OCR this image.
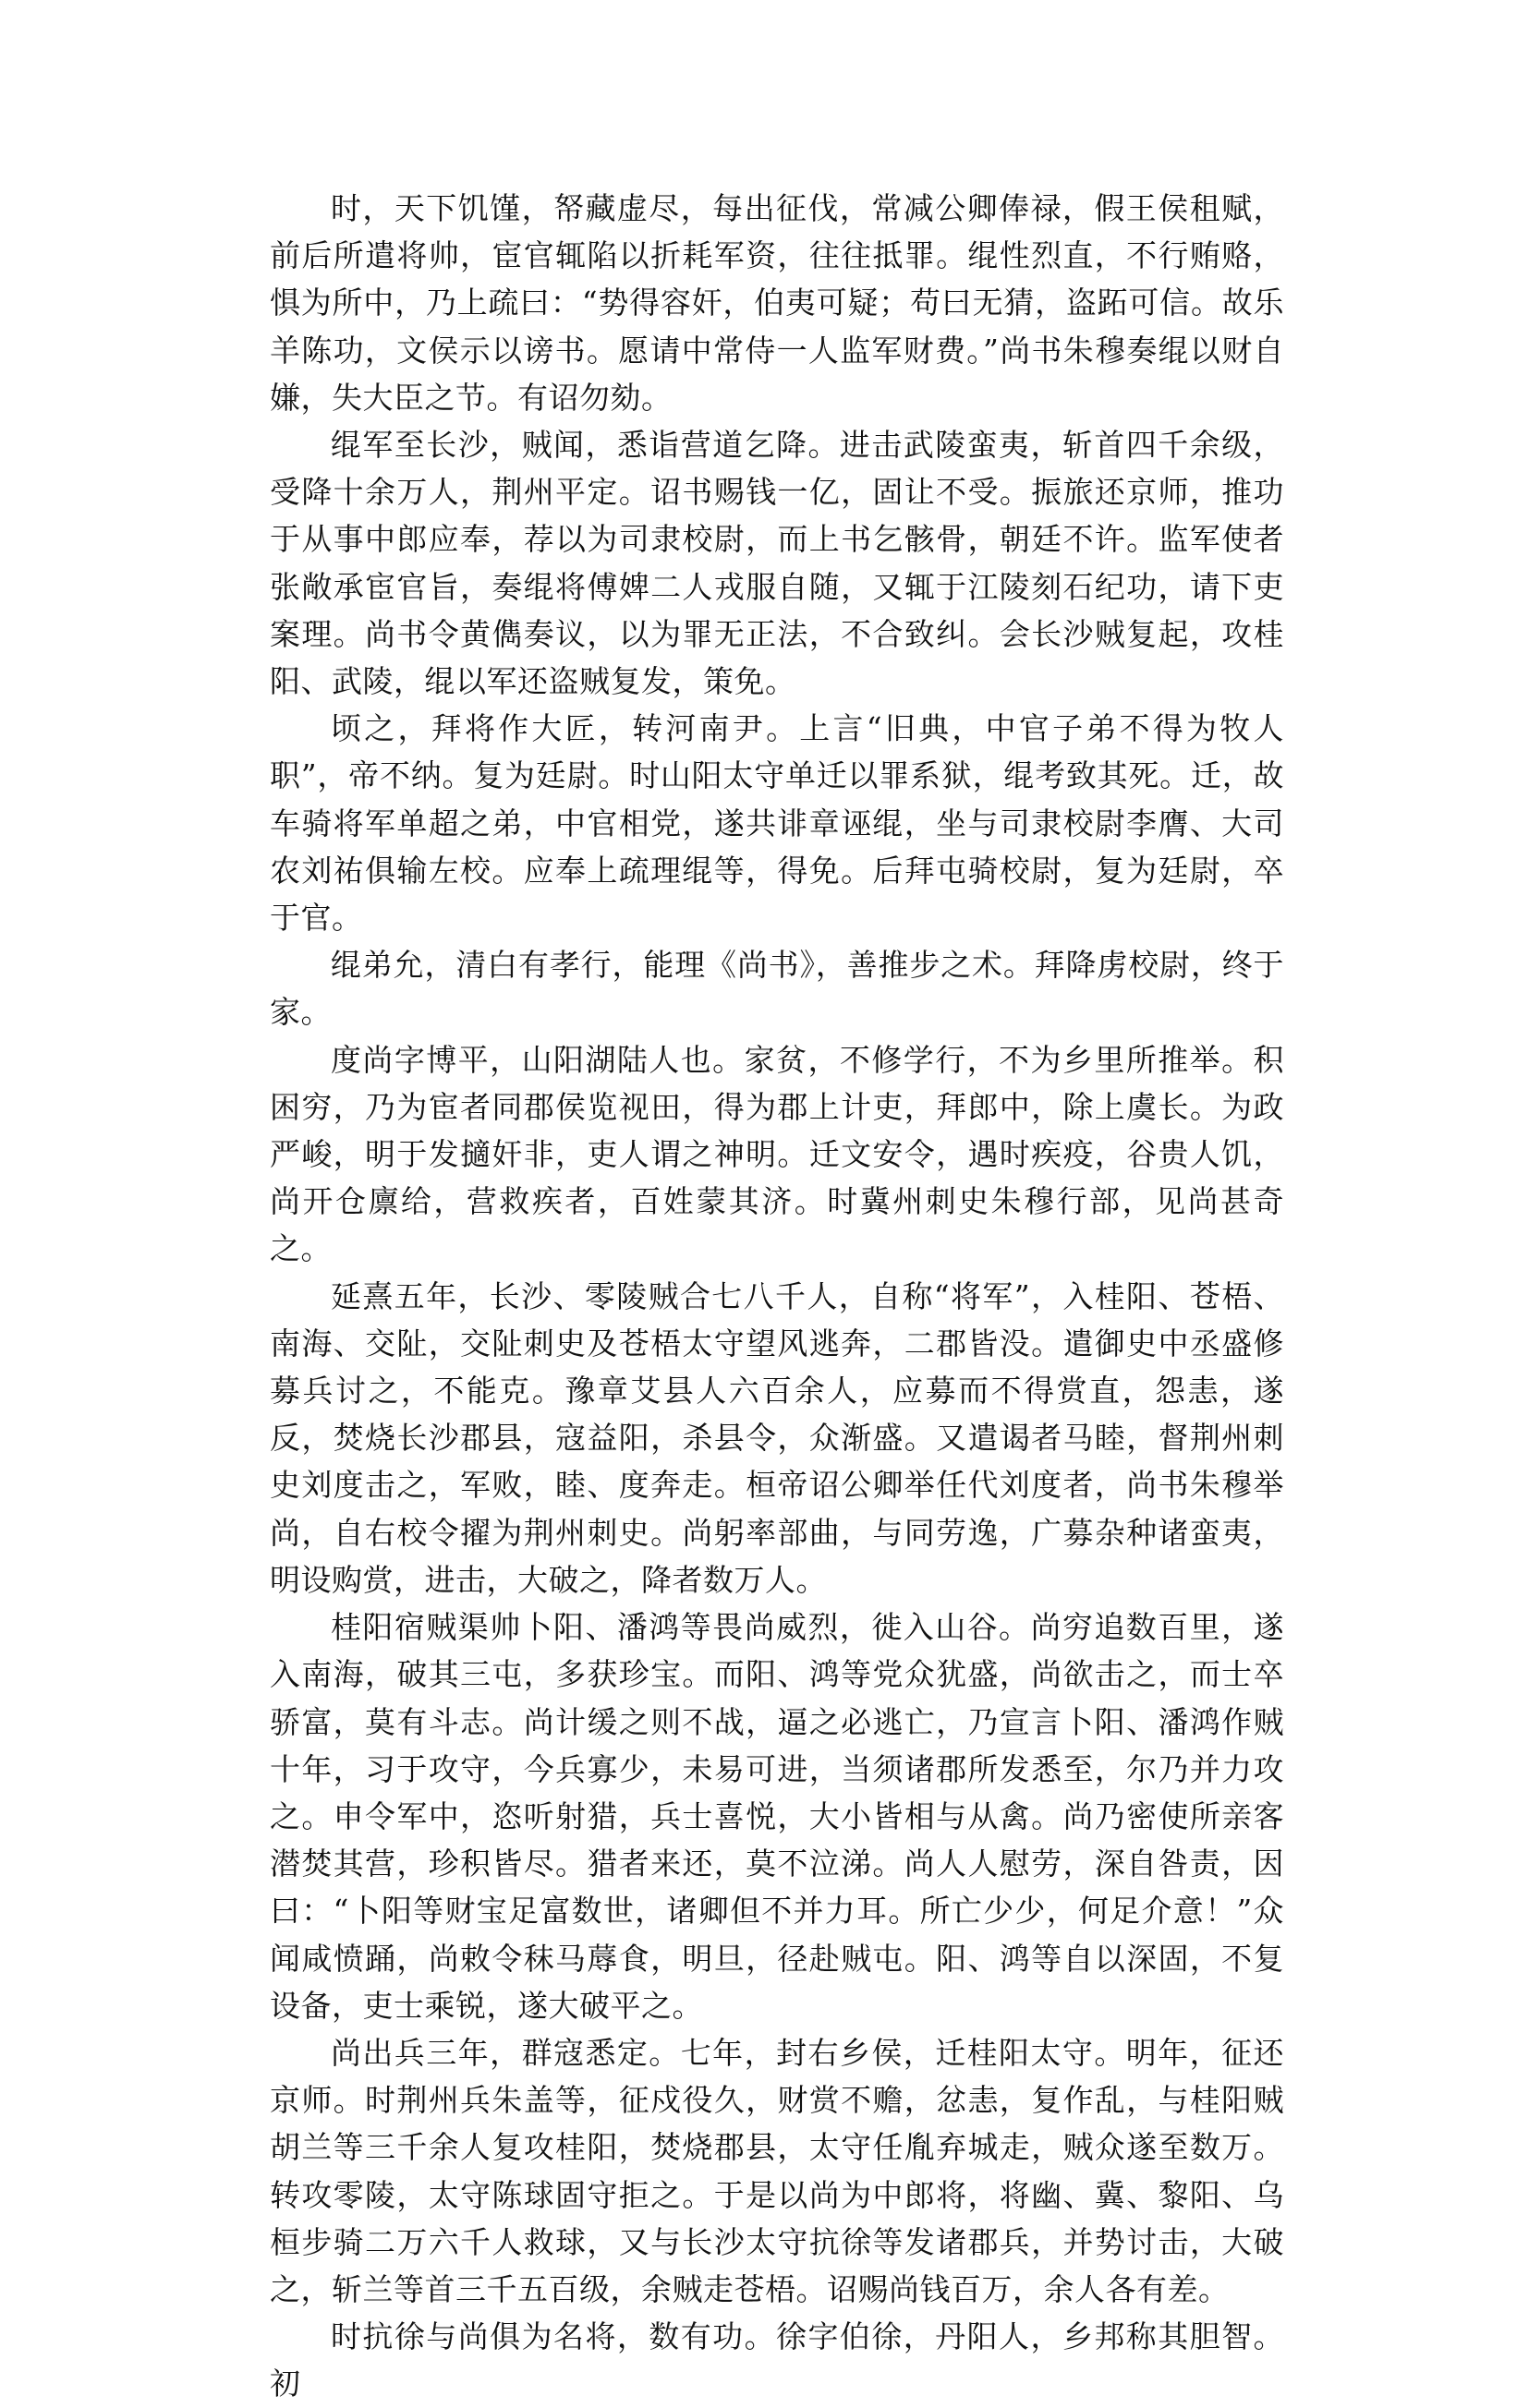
时，天下饥馑，帑藏虚尽，每出征伐，常减公卿俸禄，假王侯租赋，前后所遣将帅，宦官辄陷以折耗军资，往往抵罪。绲性烈直，不行贿赂，惧为所中，乃上疏曰：“势得容奸，伯夷可疑；苟曰无猜，盗跖可信。故乐羊陈功，文侯示以谤书。愿请中常侍一人监军财费。”尚书朱穆奏绲以财自嫌，失大臣之节。有诏勿劾。

绲军至长沙，贼闻，悉诣营道乞降。进击武陵蛮夷，斩首四千余级，受降十余万人，荆州平定。诏书赐钱一亿，固让不受。振旅还京师，推功于从事中郎应奉，荐以为司隶校尉，而上书乞骸骨，朝廷不许。监军使者张敞承宦官旨，奏绲将傅婢二人戎服自随，又辄于江陵刻石纪功，请下吏案理。尚书令黄儁奏议，以为罪无正法，不合致纠。会长沙贼复起，攻桂阳、武陵，绲以军还盗贼复发，策免。

顷之，拜将作大匠，转河南尹。上言“旧典，中官子弟不得为牧人职”，帝不纳。复为廷尉。时山阳太守单迁以罪系狱，绲考致其死。迁，故车骑将军单超之弟，中官相党，遂共诽章诬绲，坐与司隶校尉李膺、大司农刘祐俱输左校。应奉上疏理绲等，得免。后拜屯骑校尉，复为廷尉，卒于官。

绲弟允，清白有孝行，能理《尚书》，善推步之术。拜降虏校尉，终于家。

度尚字博平，山阳湖陆人也。家贫，不修学行，不为乡里所推举。积困穷，乃为宦者同郡侯览视田，得为郡上计吏，拜郎中，除上虞长。为政严峻，明于发擿奸非，吏人谓之神明。迁文安令，遇时疾疫，谷贵人饥，尚开仓廪给，营救疾者，百姓蒙其济。时冀州刺史朱穆行部，见尚甚奇之。

延熹五年，长沙、零陵贼合七八千人，自称“将军”，入桂阳、苍梧、南海、交阯，交阯刺史及苍梧太守望风逃奔，二郡皆没。遣御史中丞盛修募兵讨之，不能克。豫章艾县人六百余人，应募而不得赏直，怨恚，遂反，焚烧长沙郡县，寇益阳，杀县令，众渐盛。又遣谒者马睦，督荆州刺史刘度击之，军败，睦、度奔走。桓帝诏公卿举任代刘度者，尚书朱穆举尚，自右校令擢为荆州刺史。尚躬率部曲，与同劳逸，广募杂种诸蛮夷，明设购赏，进击，大破之，降者数万人。

桂阳宿贼渠帅卜阳、潘鸿等畏尚威烈，徙入山谷。尚穷追数百里，遂入南海，破其三屯，多获珍宝。而阳、鸿等党众犹盛，尚欲击之，而士卒骄富，莫有斗志。尚计缓之则不战，逼之必逃亡，乃宣言卜阳、潘鸿作贼十年，习于攻守，今兵寡少，未易可进，当须诸郡所发悉至，尔乃并力攻之。申令军中，恣听射猎，兵士喜悦，大小皆相与从禽。尚乃密使所亲客潜焚其营，珍积皆尽。猎者来还，莫不泣涕。尚人人慰劳，深自咎责，因曰：“卜阳等财宝足富数世，诸卿但不并力耳。所亡少少，何足介意！”众闻咸愤踊，尚敕令秣马蓐食，明旦，径赴贼屯。阳、鸿等自以深固，不复设备，吏士乘锐，遂大破平之。

尚出兵三年，群寇悉定。七年，封右乡侯，迁桂阳太守。明年，征还京师。时荆州兵朱盖等，征戍役久，财赏不赡，忿恚，复作乱，与桂阳贼胡兰等三千余人复攻桂阳，焚烧郡县，太守任胤弃城走，贼众遂至数万。转攻零陵，太守陈球固守拒之。于是以尚为中郎将，将幽、冀、黎阳、乌桓步骑二万六千人救球，又与长沙太守抗徐等发诸郡兵，并势讨击，大破之，斩兰等首三千五百级，余贼走苍梧。诏赐尚钱百万，余人各有差。

时抗徐与尚俱为名将，数有功。徐字伯徐，丹阳人，乡邦称其胆智。初
